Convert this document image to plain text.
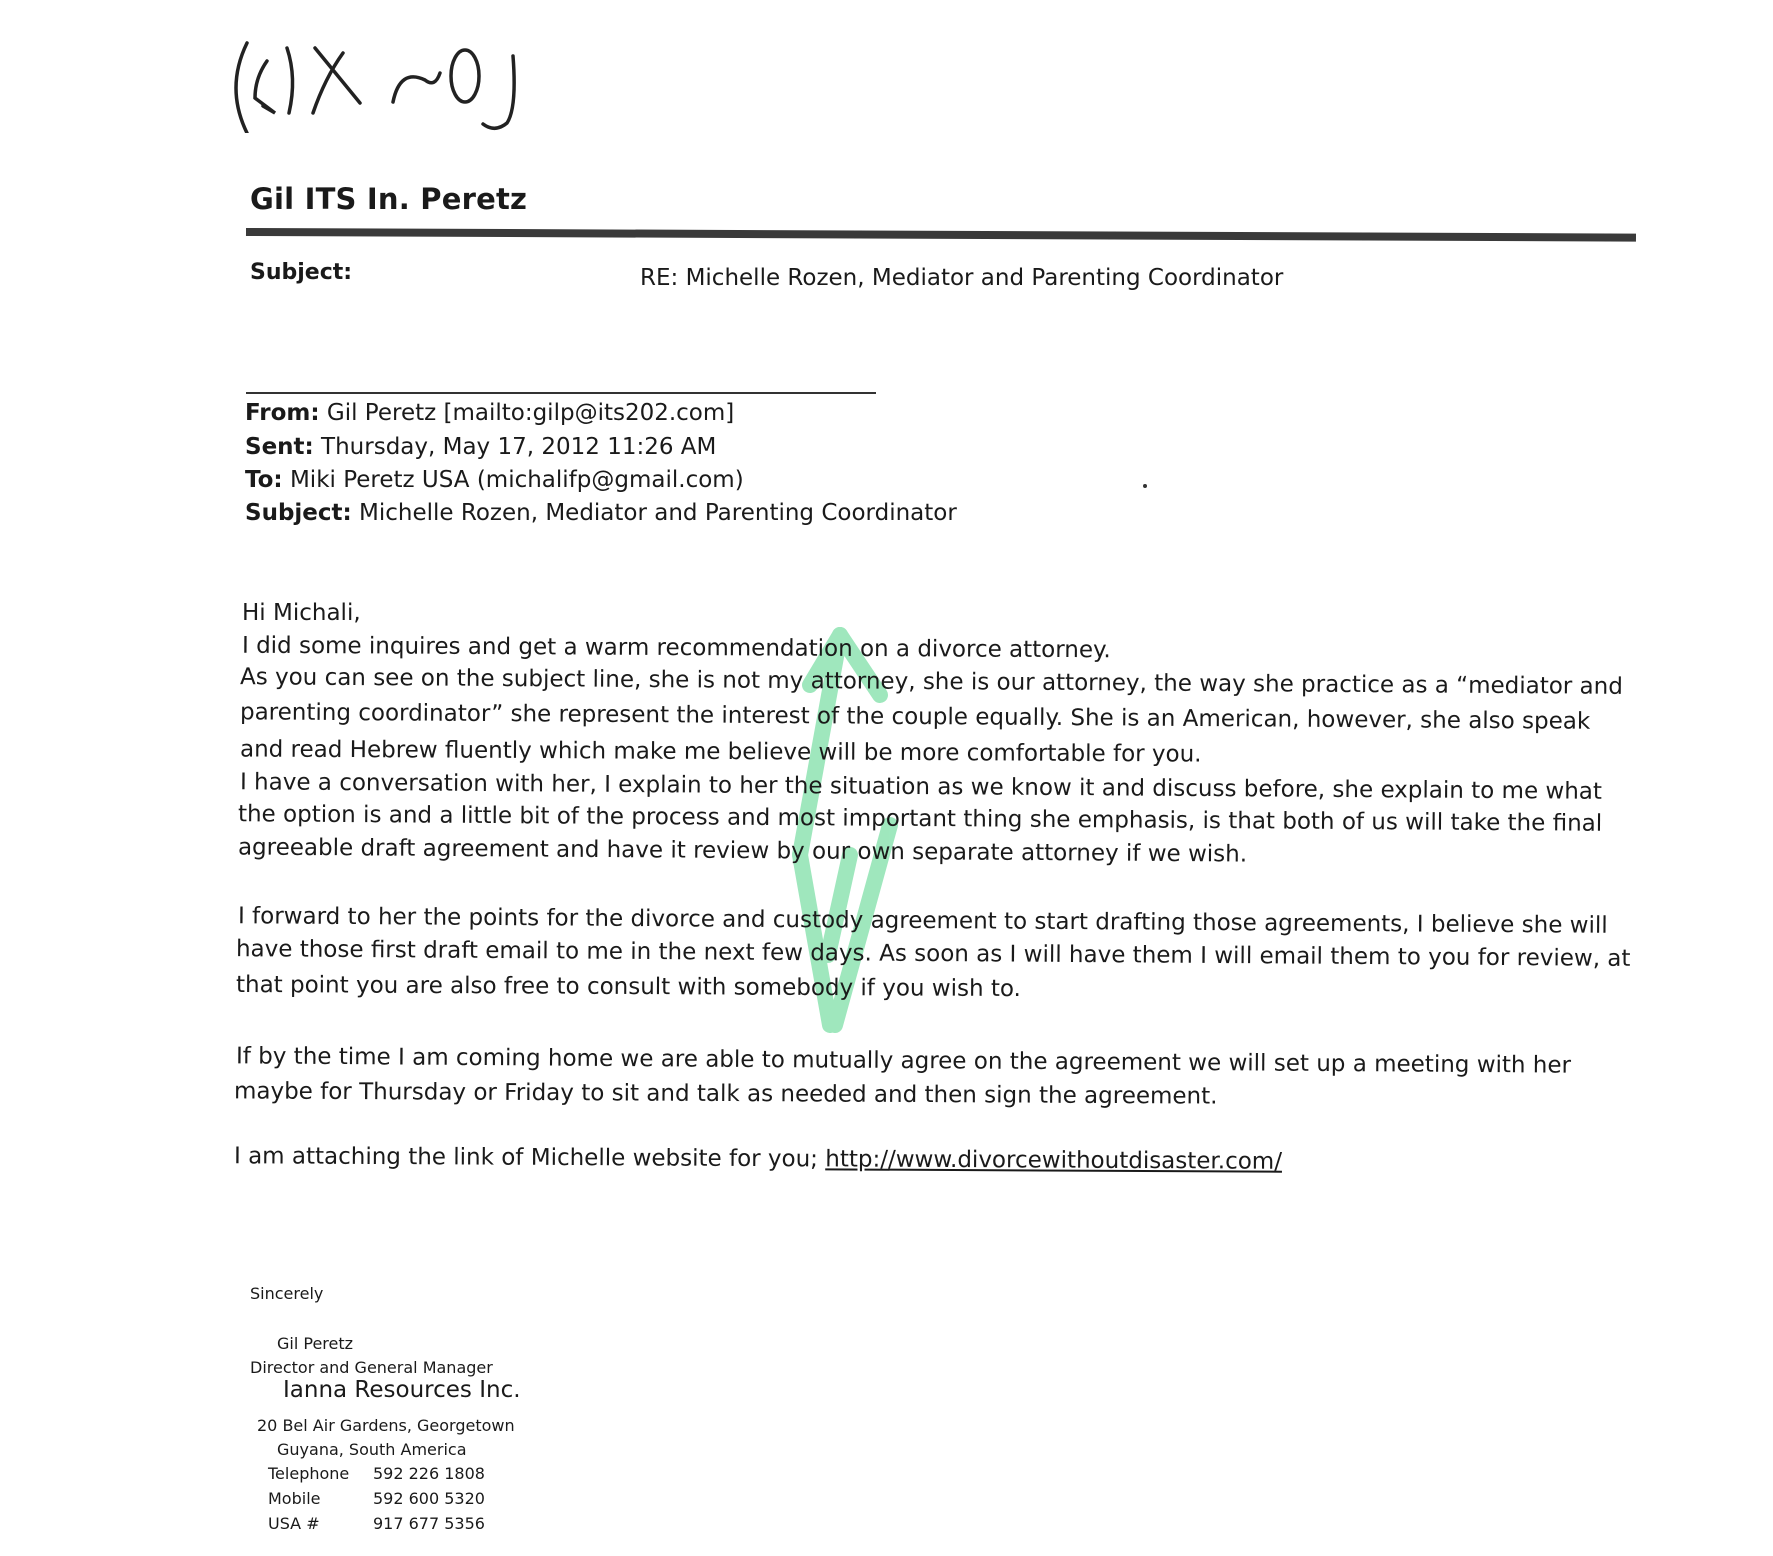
Gil ITS In. Peretz
Subject:	RE: Michelle Rozen, Mediator and Parenting Coordinator
From: Gil Peretz [mailto:gilp@its202.com]
Sent: Thursday, May 17, 2012 11:26 AM
To: Miki Peretz USA (michalifp@gmail.com)
Subject: Michelle Rozen, Mediator and Parenting Coordinator
Hi Michali,
I did some inquires and get a warm recommendation on a divorce attorney.
As you can see on the subject line, she is not my attorney, she is our attorney, the way she practice as a “mediator and
parenting coordinator” she represent the interest of the couple equally. She is an American, however, she also speak
and read Hebrew fluently which make me believe will be more comfortable for you.
I have a conversation with her, I explain to her the situation as we know it and discuss before, she explain to me what
the option is and a little bit of the process and most important thing she emphasis, is that both of us will take the final
agreeable draft agreement and have it review by our own separate attorney if we wish.
I forward to her the points for the divorce and custody agreement to start drafting those agreements, I believe she will
have those first draft email to me in the next few days. As soon as I will have them I will email them to you for review, at
that point you are also free to consult with somebody if you wish to.
If by the time I am coming home we are able to mutually agree on the agreement we will set up a meeting with her
maybe for Thursday or Friday to sit and talk as needed and then sign the agreement.
I am attaching the link of Michelle website for you; http://www.divorcewithoutdisaster.com/
Sincerely
Gil Peretz
Director and General Manager
Ianna Resources Inc.
20 Bel Air Gardens, Georgetown
Guyana, South America
Telephone 592 226 1808
Mobile	592 600 5320
USA #	917 677 5356
